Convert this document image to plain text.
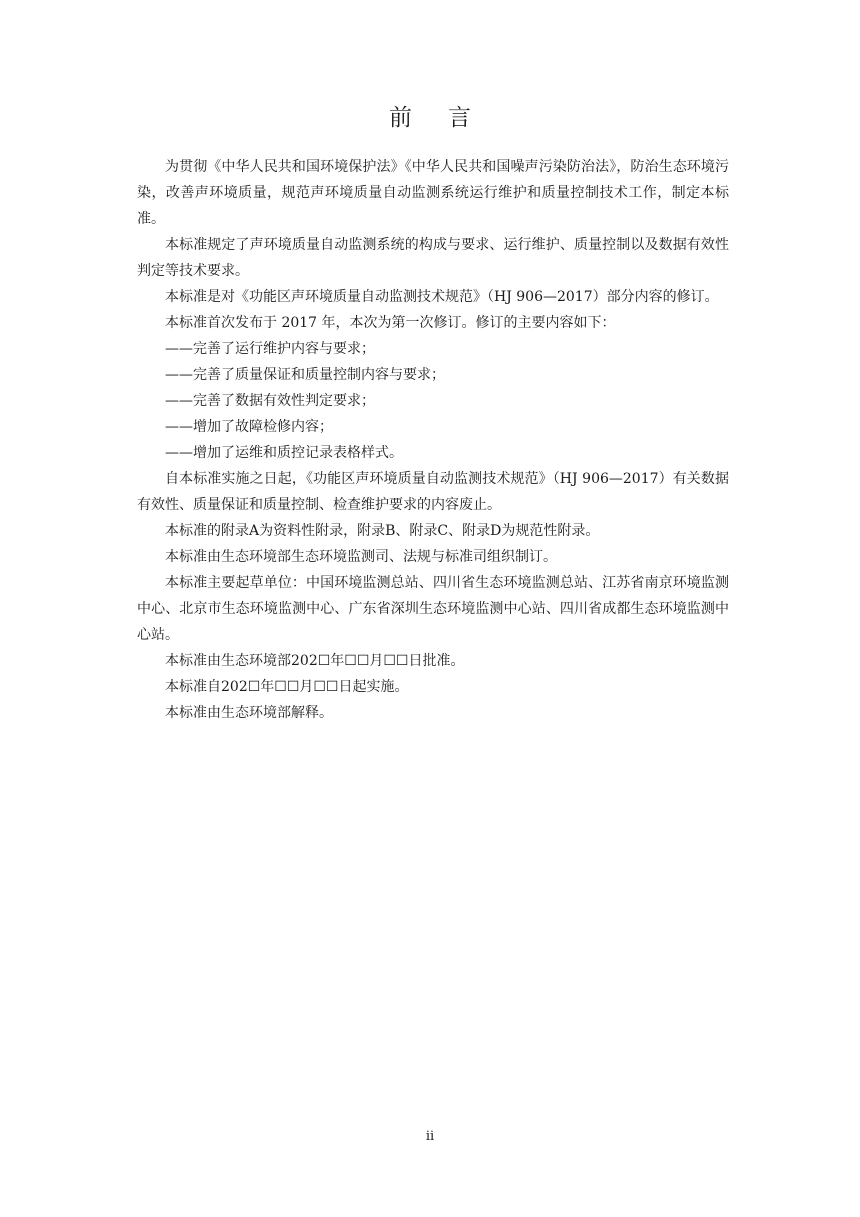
前言

为贯彻《中华人民共和国环境保护法》《中华人民共和国噪声污染防治法》，防治生态环境污染，改善声环境质量，规范声环境质量自动监测系统运行维护和质量控制技术工作，制定本标准。

本标准规定了声环境质量自动监测系统的构成与要求、运行维护、质量控制以及数据有效性判定等技术要求。

本标准是对《功能区声环境质量自动监测技术规范》（HJ 906—2017）部分内容的修订。

本标准首次发布于 2017 年，本次为第一次修订。修订的主要内容如下：

——完善了运行维护内容与要求；

——完善了质量保证和质量控制内容与要求；

——完善了数据有效性判定要求；

——增加了故障检修内容；

——增加了运维和质控记录表格样式。

自本标准实施之日起，《功能区声环境质量自动监测技术规范》（HJ 906—2017）有关数据有效性、质量保证和质量控制、检查维护要求的内容废止。

本标准的附录A为资料性附录，附录B、附录C、附录D为规范性附录。

本标准由生态环境部生态环境监测司、法规与标准司组织制订。

本标准主要起草单位：中国环境监测总站、四川省生态环境监测总站、江苏省南京环境监测中心、北京市生态环境监测中心、广东省深圳生态环境监测中心站、四川省成都生态环境监测中心站。

本标准由生态环境部202☐年☐☐月☐☐日批准。

本标准自202☐年☐☐月☐☐日起实施。

本标准由生态环境部解释。

ii
